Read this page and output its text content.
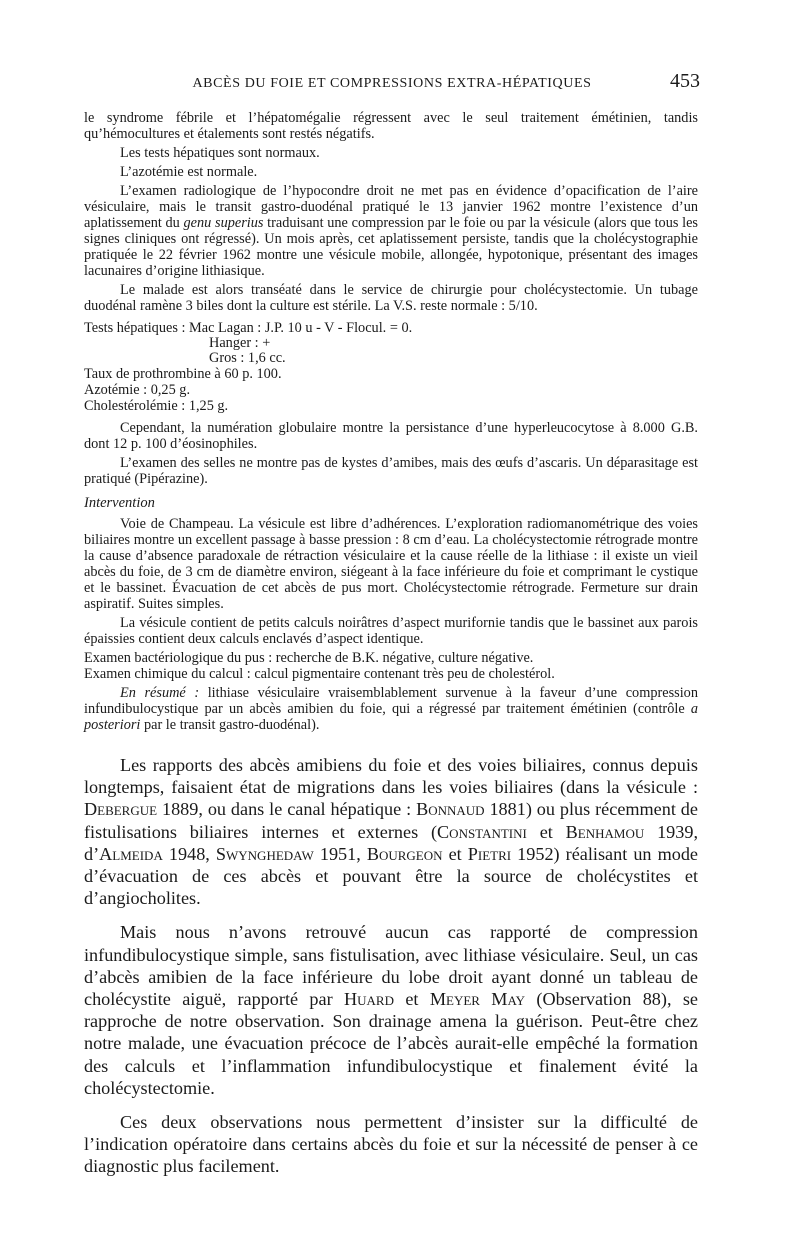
ABCÈS DU FOIE ET COMPRESSIONS EXTRA-HÉPATIQUES	453

le syndrome fébrile et l’hépatomégalie régressent avec le seul traitement émétinien, tandis qu’hémocultures et étalements sont restés négatifs.

Les tests hépatiques sont normaux.

L’azotémie est normale.

L’examen radiologique de l’hypocondre droit ne met pas en évidence d’opacification de l’aire vésiculaire, mais le transit gastro-duodénal pratiqué le 13 janvier 1962 montre l’existence d’un aplatissement du genu superius traduisant une compression par le foie ou par la vésicule (alors que tous les signes cliniques ont régressé). Un mois après, cet aplatissement persiste, tandis que la cholécystographie pratiquée le 22 février 1962 montre une vésicule mobile, allongée, hypotonique, présentant des images lacunaires d’origine lithiasique.

Le malade est alors transéaté dans le service de chirurgie pour cholécystectomie. Un tubage duodénal ramène 3 biles dont la culture est stérile. La V.S. reste normale : 5/10.

Tests hépatiques : Mac Lagan : J.P. 10 u - V - Flocul. = 0.

Hanger : +

Gros : 1,6 cc.

Taux de prothrombine à 60 p. 100.

Azotémie : 0,25 g.

Cholestérolémie : 1,25 g.

Cependant, la numération globulaire montre la persistance d’une hyperleucocytose à 8.000 G.B. dont 12 p. 100 d’éosinophiles.

L’examen des selles ne montre pas de kystes d’amibes, mais des œufs d’ascaris. Un déparasitage est pratiqué (Pipérazine).

Intervention

Voie de Champeau. La vésicule est libre d’adhérences. L’exploration radiomanométrique des voies biliaires montre un excellent passage à basse pression : 8 cm d’eau. La cholécystectomie rétrograde montre la cause d’absence paradoxale de rétraction vésiculaire et la cause réelle de la lithiase : il existe un vieil abcès du foie, de 3 cm de diamètre environ, siégeant à la face inférieure du foie et comprimant le cystique et le bassinet. Évacuation de cet abcès de pus mort. Cholécystectomie rétrograde. Fermeture sur drain aspiratif. Suites simples.

La vésicule contient de petits calculs noirâtres d’aspect murifornie tandis que le bassinet aux parois épaissies contient deux calculs enclavés d’aspect identique.

Examen bactériologique du pus : recherche de B.K. négative, culture négative.

Examen chimique du calcul : calcul pigmentaire contenant très peu de cholestérol.

En résumé : lithiase vésiculaire vraisemblablement survenue à la faveur d’une compression infundibulocystique par un abcès amibien du foie, qui a régressé par traitement émétinien (contrôle a posteriori par le transit gastro-duodénal).

Les rapports des abcès amibiens du foie et des voies biliaires, connus depuis longtemps, faisaient état de migrations dans les voies biliaires (dans la vésicule : Debergue 1889, ou dans le canal hépatique : Bonnaud 1881) ou plus récemment de fistulisations biliaires internes et externes (Constantini et Benhamou 1939, d’Almeida 1948, Swynghedaw 1951, Bourgeon et Pietri 1952) réalisant un mode d’évacuation de ces abcès et pouvant être la source de cholécystites et d’angiocholites.

Mais nous n’avons retrouvé aucun cas rapporté de compression infundibulocystique simple, sans fistulisation, avec lithiase vésiculaire. Seul, un cas d’abcès amibien de la face inférieure du lobe droit ayant donné un tableau de cholécystite aiguë, rapporté par Huard et Meyer May (Observation 88), se rapproche de notre observation. Son drainage amena la guérison. Peut-être chez notre malade, une évacuation précoce de l’abcès aurait-elle empêché la formation des calculs et l’inflammation infundibulocystique et finalement évité la cholécystectomie.

Ces deux observations nous permettent d’insister sur la difficulté de l’indication opératoire dans certains abcès du foie et sur la nécessité de penser à ce diagnostic plus facilement.
